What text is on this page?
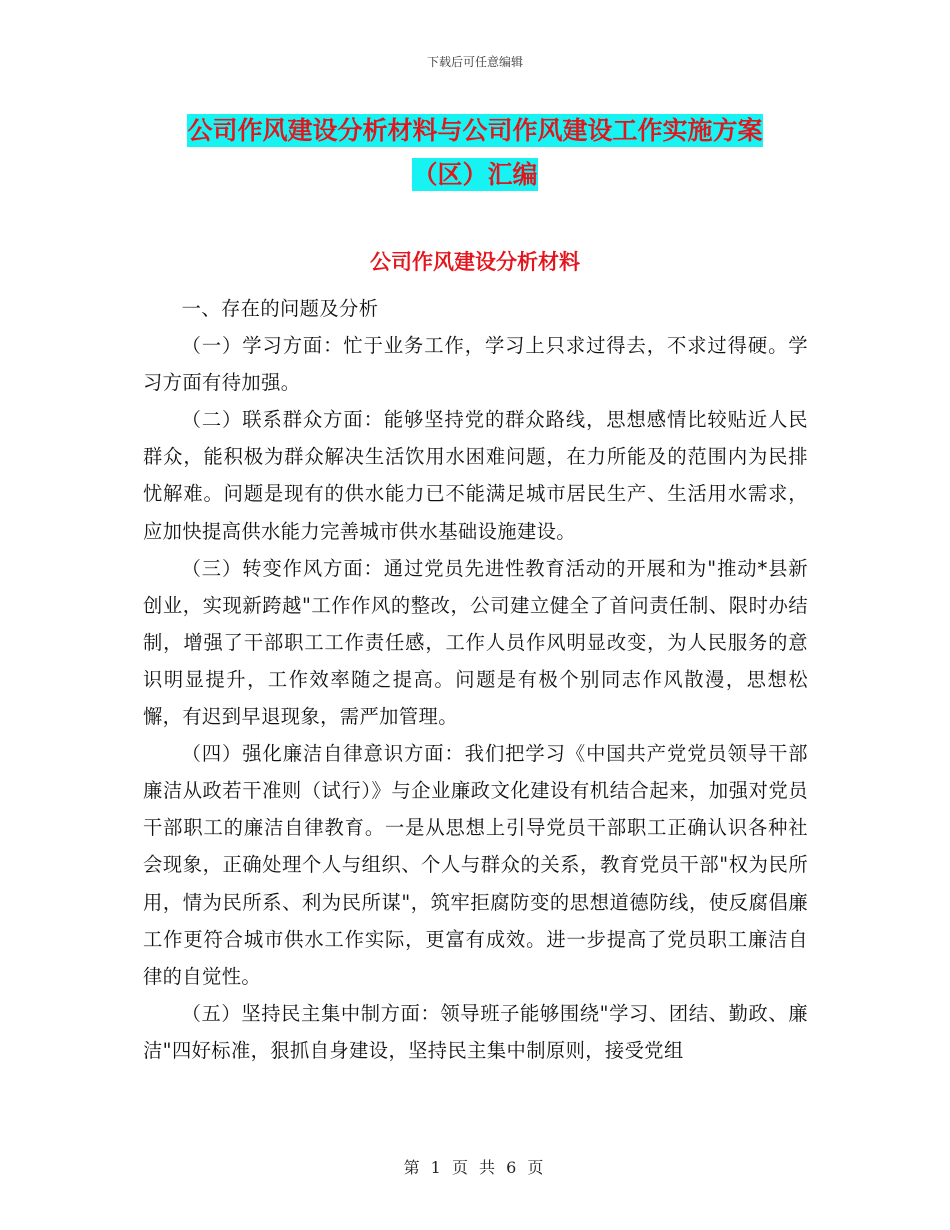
下载后可任意编辑
公司作风建设分析材料与公司作风建设工作实施方案
（区）汇编
公司作风建设分析材料

一、存在的问题及分析

（一）学习方面：忙于业务工作，学习上只求过得去，不求过得硬。学习方面有待加强。

（二）联系群众方面：能够坚持党的群众路线，思想感情比较贴近人民群众，能积极为群众解决生活饮用水困难问题，在力所能及的范围内为民排忧解难。问题是现有的供水能力已不能满足城市居民生产、生活用水需求，应加快提高供水能力完善城市供水基础设施建设。

（三）转变作风方面：通过党员先进性教育活动的开展和为"推动*县新创业，实现新跨越"工作作风的整改，公司建立健全了首问责任制、限时办结制，增强了干部职工工作责任感，工作人员作风明显改变，为人民服务的意识明显提升，工作效率随之提高。问题是有极个别同志作风散漫，思想松懈，有迟到早退现象，需严加管理。

（四）强化廉洁自律意识方面：我们把学习《中国共产党党员领导干部廉洁从政若干准则（试行）》与企业廉政文化建设有机结合起来，加强对党员干部职工的廉洁自律教育。一是从思想上引导党员干部职工正确认识各种社会现象，正确处理个人与组织、个人与群众的关系，教育党员干部"权为民所用，情为民所系、利为民所谋"，筑牢拒腐防变的思想道德防线，使反腐倡廉工作更符合城市供水工作实际，更富有成效。进一步提高了党员职工廉洁自律的自觉性。

（五）坚持民主集中制方面：领导班子能够围绕"学习、团结、勤政、廉洁"四好标准，狠抓自身建设，坚持民主集中制原则，接受党组

第 1 页 共 6 页
